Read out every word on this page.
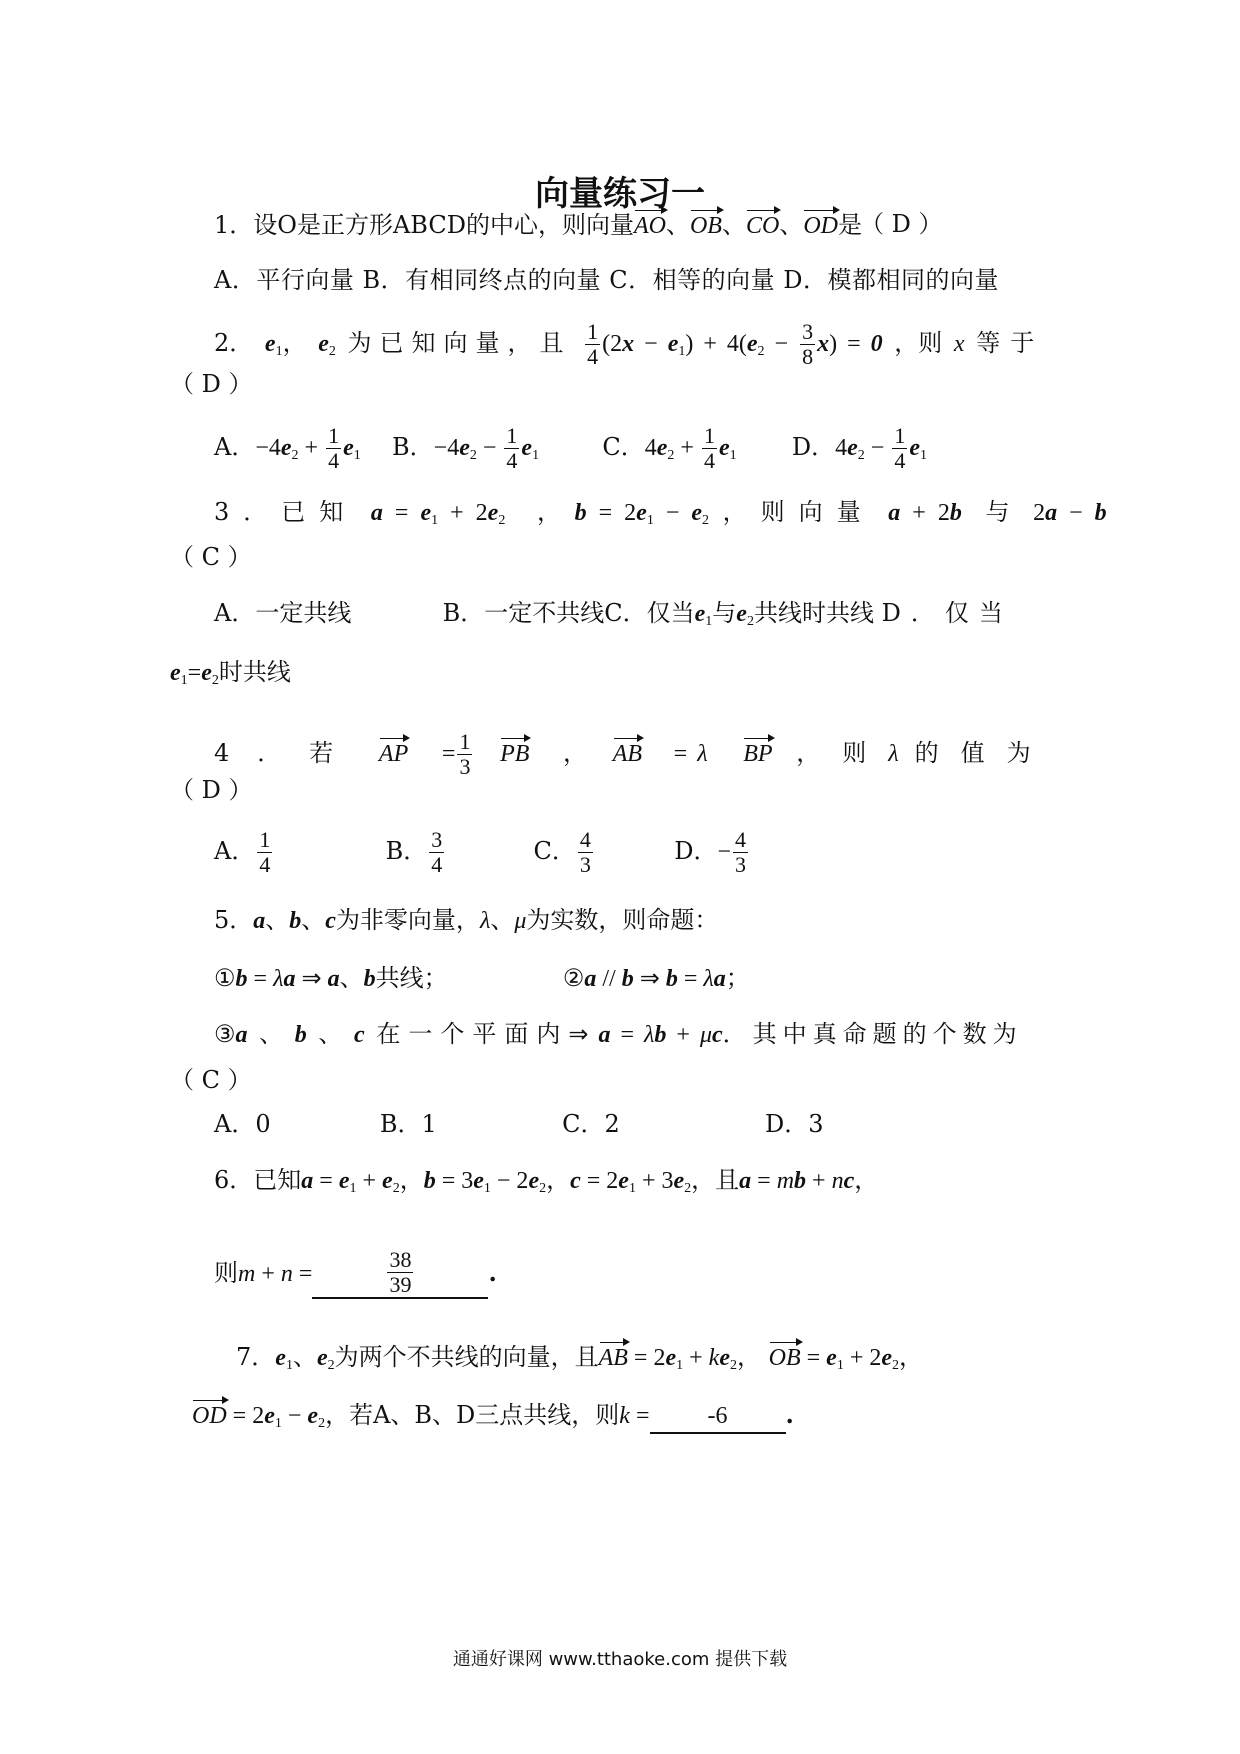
向量练习一
1．设O是正方形ABCD的中心，则向量AO、OB、CO、OD是
（ D ）
A．平行向量 B．有相同终点的向量 C．相等的向量 D．模都相同的向量
2． $e_1$， $e_2$ 为已知向量，且 $\frac{1}{4} (2x - e_1) + 4(e_2 - \frac{3}{8} x) = 0$ ，则 x 等于
（ D ）
A．$-4e_2 + \frac{1}{4} e_1$ B．$-4e_2 - \frac{1}{4} e_1$	C．$4e_2 + \frac{1}{4} e_1$ D．$4e_2 - \frac{1}{4} e_1$
3．已知 $a = e_1 + 2e_2$ ， $b = 2e_1 - e_2$ ，则向量 a + 2b 与 2a − b
（ C ）
A．一定共线	B．一定不共线C．仅当$e_1$与$e_2$共线时共线 D．仅当
$e_1=e_2$时共线
4．若 AP = $\frac{1}{3}$ PB ， AB = λ BP ，则λ 的值为
（ D ）
A． $\frac{1}{4}$	B． $\frac{3}{4}$	C． $\frac{4}{3}$	D．− $\frac{4}{3}$
5．a、b、c为非零向量，λ、μ为实数，则命题：
①b = λa ⇒ a、b共线；	②a // b ⇒ b = λa；
③a 、 b 、 c 在一个平面内⇒ a = λb + μc．其中真命题的个数为
（ C ）
A．0	B．1	C．2	D．3
6．已知$a = e_1 + e_2$，$b = 3e_1 - 2e_2$，$c = 2e_1 + 3e_2$，且a = mb + nc，
则m + n =	$\frac{38}{39}$	.
7．$e_1$、$e_2$为两个不共线的向量，且AB = $2e_1 + ke_2$， OB = $e_1 + 2e_2$，
OD = $2e_1 - e_2$，若A、B、D三点共线，则k = -6 .
通通好课网 www.tthaoke.com 提供下载
